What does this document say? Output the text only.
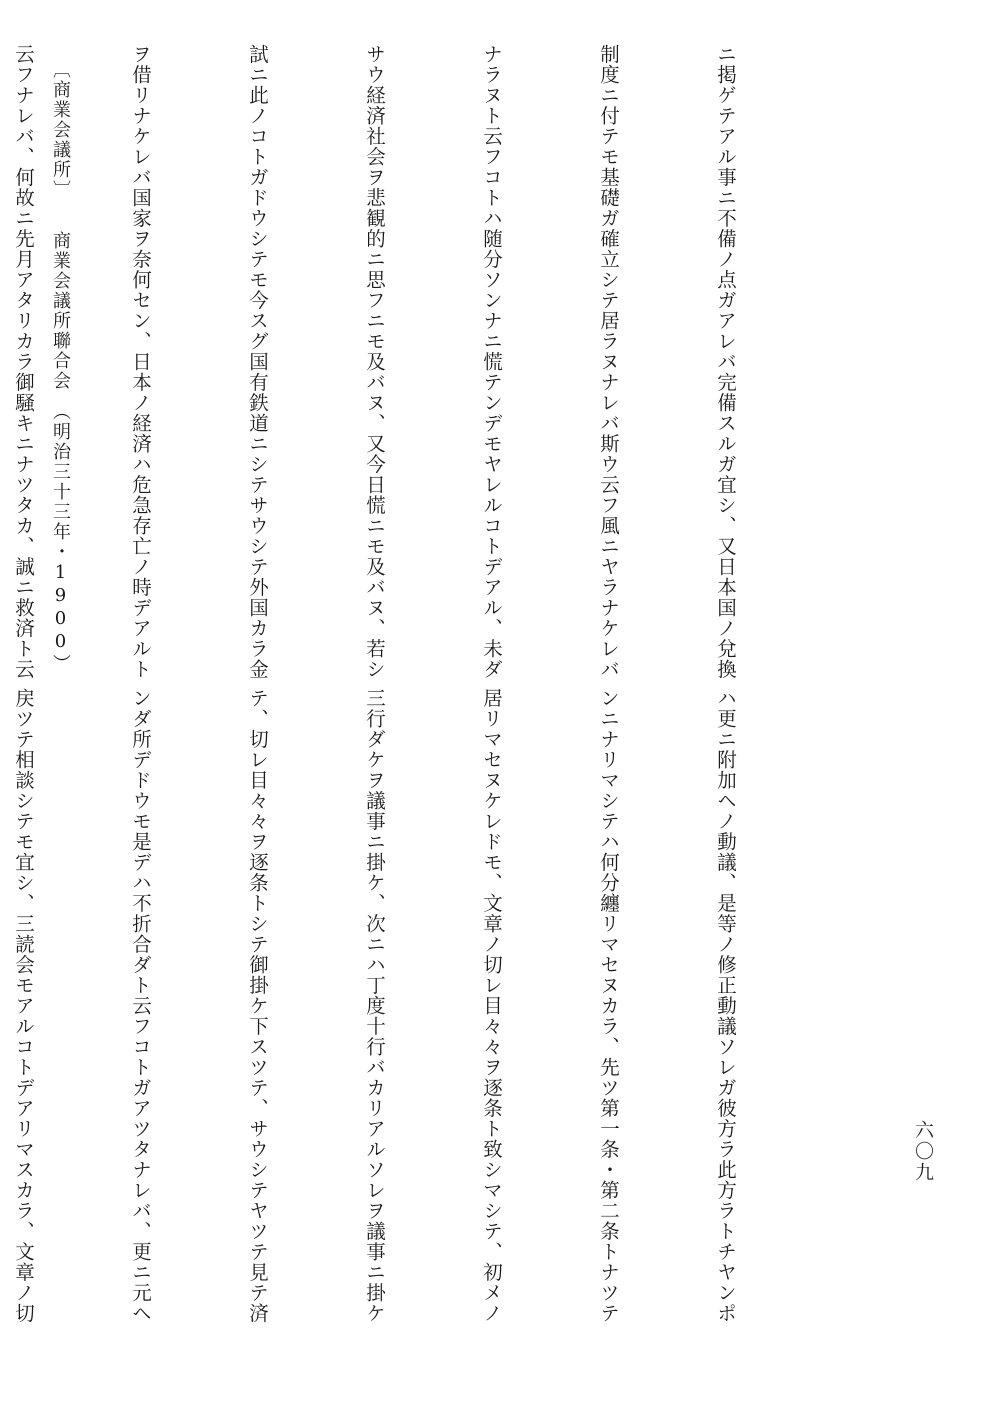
ニ掲ゲテアル事ニ不備ノ点ガアレバ完備スルガ宜シ、又日本国ノ兌換

制度ニ付テモ基礎ガ確立シテ居ラヌナレバ斯ウ云フ風ニヤラナケレバ

ナラヌト云フコトハ随分ソンナニ慌テンデモヤレルコトデアル、未ダ

サウ経済社会ヲ悲観的ニ思フニモ及バヌ、又今日慌ニモ及バヌ、若シ

試ニ此ノコトガドウシテモ今スグ国有鉄道ニシテサウシテ外国カラ金

ヲ借リナケレバ国家ヲ奈何セン、日本ノ経済ハ危急存亡ノ時デアルト

云フナレバ、何故ニ先月アタリカラ御騒キニナツタカ、誠ニ救済ト云

ハ更ニ附加ヘノ動議、是等ノ修正動議ソレガ彼方ラ此方ラトチヤンポ

ンニナリマシテハ何分纏リマセヌカラ、先ツ第一条・第二条トナツテ

居リマセヌケレドモ、文章ノ切レ目々々ヲ逐条ト致シマシテ、初メノ

三行ダケヲ議事ニ掛ケ、次ニハ丁度十行バカリアルソレヲ議事ニ掛ケ

テ、切レ目々々ヲ逐条トシテ御掛ケ下スツテ、サウシテヤツテ見テ済

ンダ所デドウモ是デハ不折合ダト云フコトガアツタナレバ、更ニ元ヘ

戻ツテ相談シテモ宜シ、三読会モアルコトデアリマスカラ、文章ノ切

〔商業会議所〕　　商業会議所聯合会　（明治三十三年・1900）
六〇九
